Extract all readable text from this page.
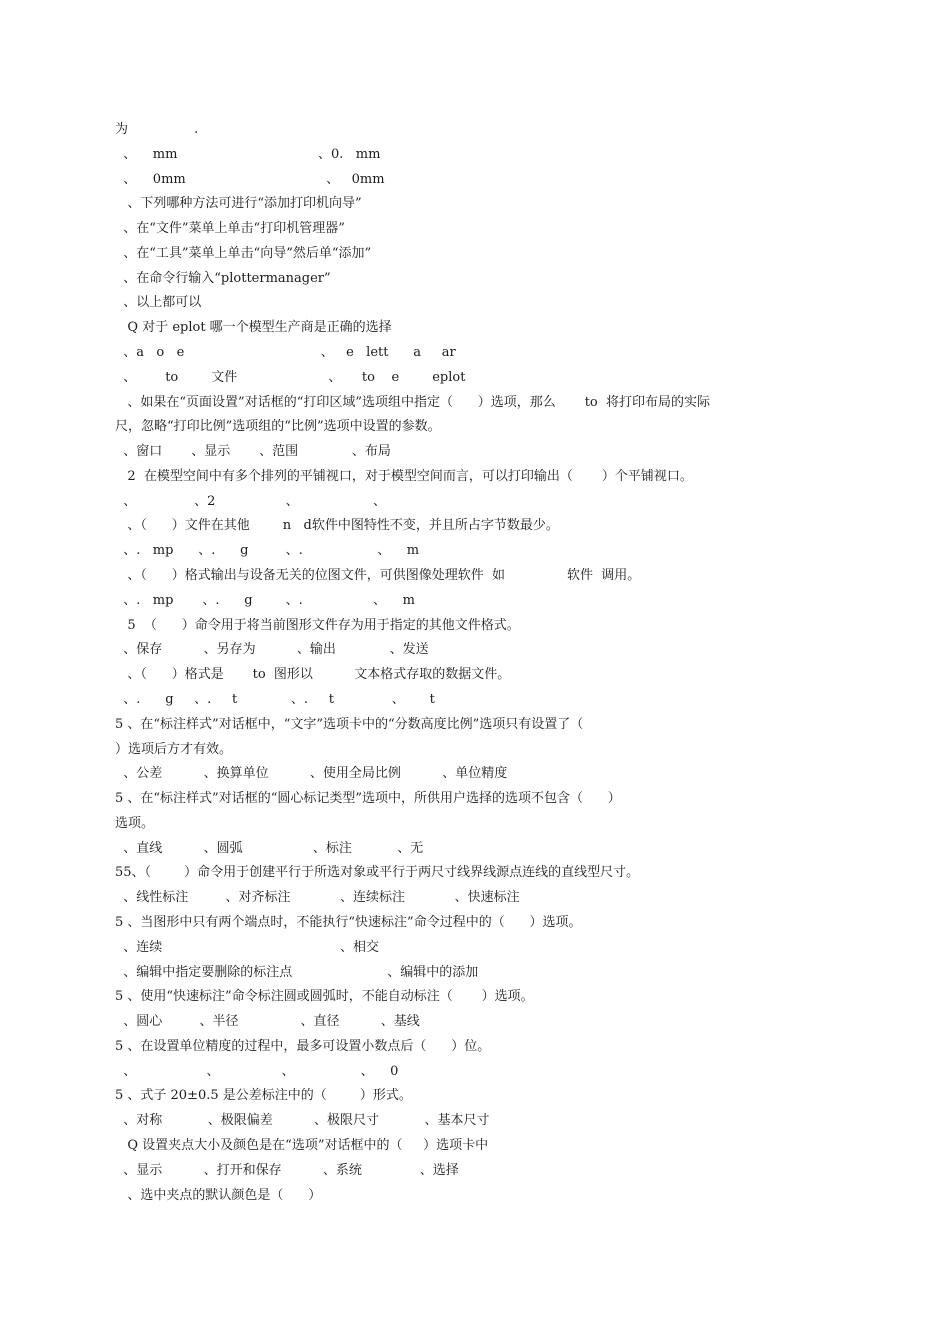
为                .
、    mm                                  、0.   mm
、    0mm                                  、   0mm
、下列哪种方法可进行“添加打印机向导”
、在“文件”菜单上单击“打印机管理器”
、在“工具”菜单上单击“向导”然后单“添加”
、在命令行输入“plottermanager”
、以上都可以
Q 对于 eplot 哪一个模型生产商是正确的选择
、a   o   e                                 、   e   lett      a     ar
、       to        文件                      、     to    e        eplot
、如果在“页面设置”对话框的“打印区域”选项组中指定（      ）选项，那么       to  将打印布局的实际
尺，忽略“打印比例”选项组的“比例”选项中设置的参数。
、窗口       、显示       、范围             、布局
2  在模型空间中有多个排列的平铺视口，对于模型空间而言，可以打印输出（       ）个平铺视口。
、              、2                 、                  、
、（      ）文件在其他        n   d软件中图特性不变，并且所占字节数最少。
、.   mp      、.      g         、.                  、    m
、（      ）格式输出与设备无关的位图文件，可供图像处理软件  如               软件  调用。
、.   mp       、.      g        、.                 、    m
5  （      ）命令用于将当前图形文件存为用于指定的其他文件格式。
、保存          、另存为          、输出             、发送
、（      ）格式是       to  图形以          文本格式存取的数据文件。
、.      g     、.     t             、.     t              、      t
5 、在“标注样式”对话框中，“文字”选项卡中的“分数高度比例”选项只有设置了（
）选项后方才有效。
、公差          、换算单位          、使用全局比例          、单位精度
5 、在“标注样式”对话框的“圆心标记类型”选项中，所供用户选择的选项不包含（      ）
选项。
、直线          、圆弧                 、标注           、无
55、（        ）命令用于创建平行于所选对象或平行于两尺寸线界线源点连线的直线型尺寸。
、线性标注         、对齐标注            、连续标注            、快速标注
5 、当图形中只有两个端点时，不能执行“快速标注”命令过程中的（      ）选项。
、连续                                           、相交
、编辑中指定要删除的标注点                       、编辑中的添加
5 、使用“快速标注”命令标注圆或圆弧时，不能自动标注（       ）选项。
、圆心         、半径               、直径          、基线
5 、在设置单位精度的过程中，最多可设置小数点后（      ）位。
、                 、               、                、    0
5 、式子 20±0.5 是公差标注中的（        ）形式。
、对称           、极限偏差          、极限尺寸           、基本尺寸
Q 设置夹点大小及颜色是在“选项”对话框中的（     ）选项卡中
、显示          、打开和保存          、系统              、选择
、选中夹点的默认颜色是（      ）
